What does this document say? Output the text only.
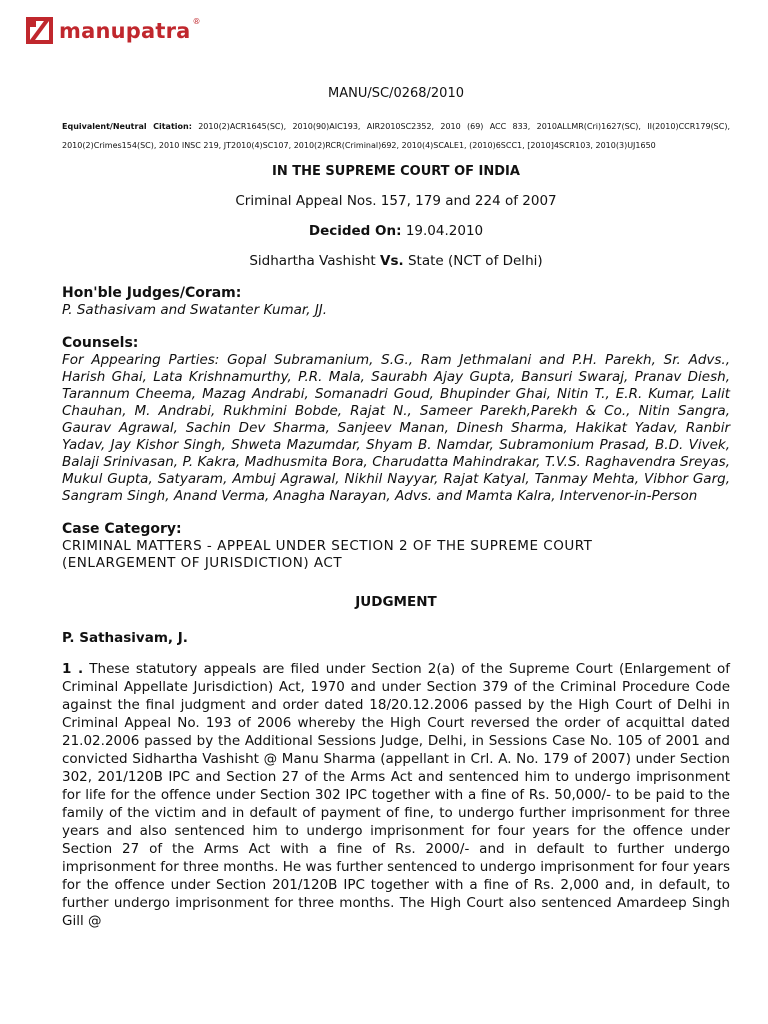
manupatra ®
MANU/SC/0268/2010
Equivalent/Neutral Citation: 2010(2)ACR1645(SC), 2010(90)AIC193, AIR2010SC2352, 2010 (69) ACC 833, 2010ALLMR(Cri)1627(SC), II(2010)CCR179(SC), 2010(2)Crimes154(SC), 2010 INSC 219, JT2010(4)SC107, 2010(2)RCR(Criminal)692, 2010(4)SCALE1, (2010)6SCC1, [2010]4SCR103, 2010(3)UJ1650
IN THE SUPREME COURT OF INDIA
Criminal Appeal Nos. 157, 179 and 224 of 2007
Decided On: 19.04.2010
Sidhartha Vashisht Vs. State (NCT of Delhi)
Hon'ble Judges/Coram:
P. Sathasivam and Swatanter Kumar, JJ.
Counsels:
For Appearing Parties: Gopal Subramanium, S.G., Ram Jethmalani and P.H. Parekh, Sr. Advs., Harish Ghai, Lata Krishnamurthy, P.R. Mala, Saurabh Ajay Gupta, Bansuri Swaraj, Pranav Diesh, Tarannum Cheema, Mazag Andrabi, Somanadri Goud, Bhupinder Ghai, Nitin T., E.R. Kumar, Lalit Chauhan, M. Andrabi, Rukhmini Bobde, Rajat N., Sameer Parekh,Parekh & Co., Nitin Sangra, Gaurav Agrawal, Sachin Dev Sharma, Sanjeev Manan, Dinesh Sharma, Hakikat Yadav, Ranbir Yadav, Jay Kishor Singh, Shweta Mazumdar, Shyam B. Namdar, Subramonium Prasad, B.D. Vivek, Balaji Srinivasan, P. Kakra, Madhusmita Bora, Charudatta Mahindrakar, T.V.S. Raghavendra Sreyas, Mukul Gupta, Satyaram, Ambuj Agrawal, Nikhil Nayyar, Rajat Katyal, Tanmay Mehta, Vibhor Garg, Sangram Singh, Anand Verma, Anagha Narayan, Advs. and Mamta Kalra, Intervenor-in-Person
Case Category:
CRIMINAL MATTERS - APPEAL UNDER SECTION 2 OF THE SUPREME COURT
(ENLARGEMENT OF JURISDICTION) ACT
JUDGMENT
P. Sathasivam, J.
1 . These statutory appeals are filed under Section 2(a) of the Supreme Court (Enlargement of Criminal Appellate Jurisdiction) Act, 1970 and under Section 379 of the Criminal Procedure Code against the final judgment and order dated 18/20.12.2006 passed by the High Court of Delhi in Criminal Appeal No. 193 of 2006 whereby the High Court reversed the order of acquittal dated 21.02.2006 passed by the Additional Sessions Judge, Delhi, in Sessions Case No. 105 of 2001 and convicted Sidhartha Vashisht @ Manu Sharma (appellant in Crl. A. No. 179 of 2007) under Section 302, 201/120B IPC and Section 27 of the Arms Act and sentenced him to undergo imprisonment for life for the offence under Section 302 IPC together with a fine of Rs. 50,000/- to be paid to the family of the victim and in default of payment of fine, to undergo further imprisonment for three years and also sentenced him to undergo imprisonment for four years for the offence under Section 27 of the Arms Act with a fine of Rs. 2000/- and in default to further undergo imprisonment for three months. He was further sentenced to undergo imprisonment for four years for the offence under Section 201/120B IPC together with a fine of Rs. 2,000 and, in default, to further undergo imprisonment for three months. The High Court also sentenced Amardeep Singh Gill @
